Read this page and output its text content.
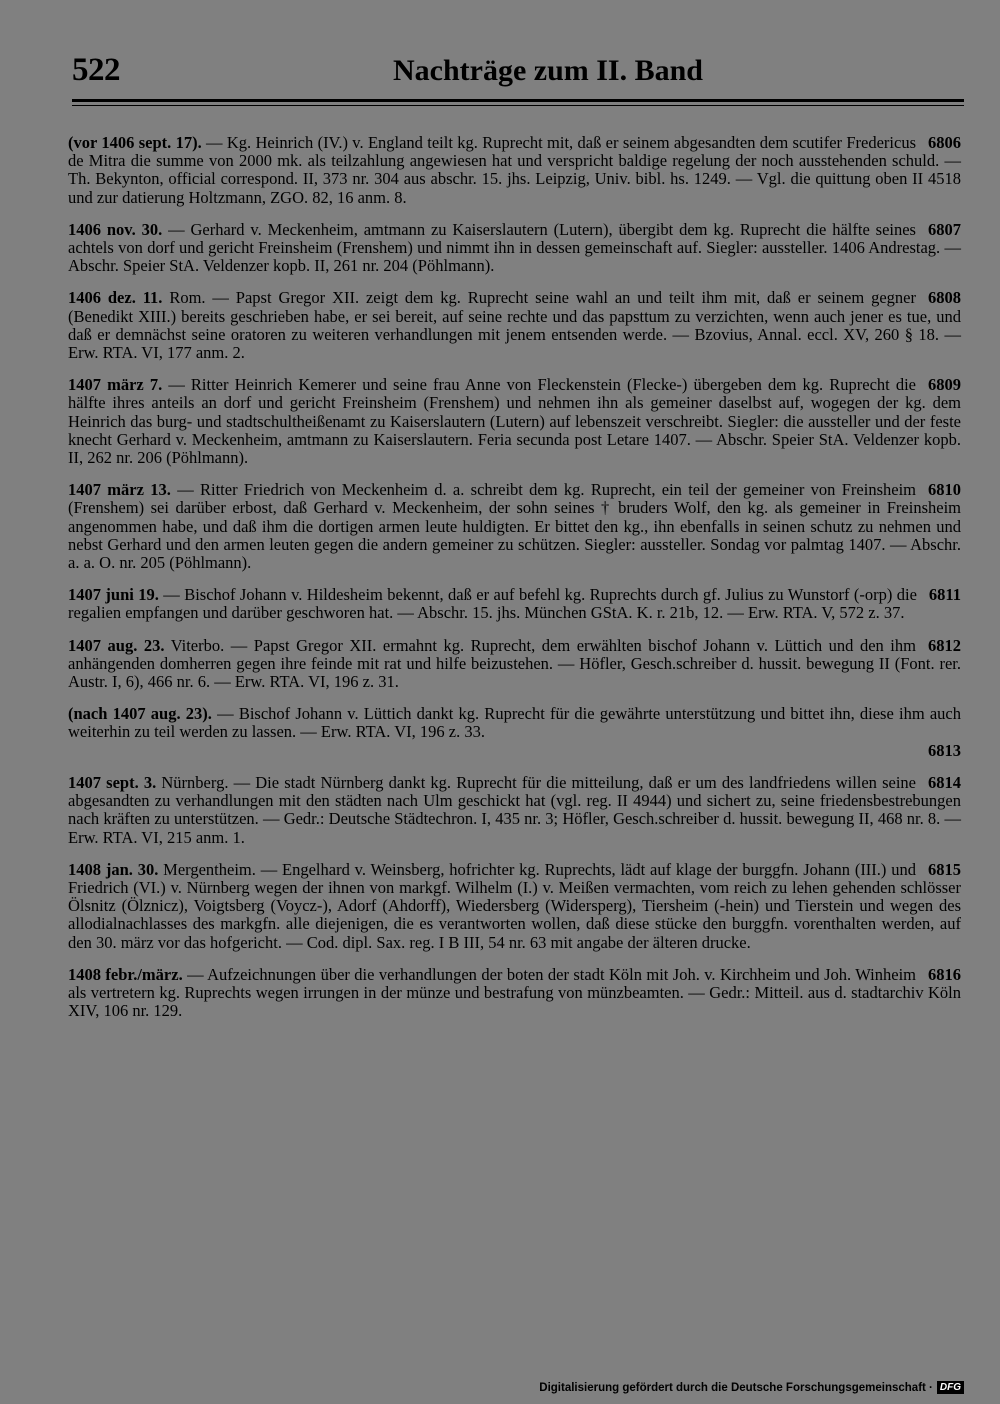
522	Nachträge zum II. Band

6806
(vor 1406 sept. 17). — Kg. Heinrich (IV.) v. England teilt kg. Ruprecht mit, daß er seinem abgesandten dem scutifer Fredericus de Mitra die summe von 2000 mk. als teilzahlung angewiesen hat und verspricht baldige regelung der noch ausstehenden schuld. — Th. Bekynton, official correspond. II, 373 nr. 304 aus abschr. 15. jhs. Leipzig, Univ. bibl. hs. 1249. — Vgl. die quittung oben II 4518 und zur datierung Holtzmann, ZGO. 82, 16 anm. 8.

6807
1406 nov. 30. — Gerhard v. Meckenheim, amtmann zu Kaiserslautern (Lutern), übergibt dem kg. Ruprecht die hälfte seines achtels von dorf und gericht Freinsheim (Frenshem) und nimmt ihn in dessen gemeinschaft auf. Siegler: aussteller. 1406 Andrestag. — Abschr. Speier StA. Veldenzer kopb. II, 261 nr. 204 (Pöhlmann).

6808
1406 dez. 11. Rom. — Papst Gregor XII. zeigt dem kg. Ruprecht seine wahl an und teilt ihm mit, daß er seinem gegner (Benedikt XIII.) bereits geschrieben habe, er sei bereit, auf seine rechte und das papsttum zu verzichten, wenn auch jener es tue, und daß er demnächst seine oratoren zu weiteren verhandlungen mit jenem entsenden werde. — Bzovius, Annal. eccl. XV, 260 § 18. — Erw. RTA. VI, 177 anm. 2.

6809
1407 märz 7. — Ritter Heinrich Kemerer und seine frau Anne von Fleckenstein (Flecke-) übergeben dem kg. Ruprecht die hälfte ihres anteils an dorf und gericht Freinsheim (Frenshem) und nehmen ihn als gemeiner daselbst auf, wogegen der kg. dem Heinrich das burg- und stadtschultheißenamt zu Kaiserslautern (Lutern) auf lebenszeit verschreibt. Siegler: die aussteller und der feste knecht Gerhard v. Meckenheim, amtmann zu Kaiserslautern. Feria secunda post Letare 1407. — Abschr. Speier StA. Veldenzer kopb. II, 262 nr. 206 (Pöhlmann).

6810
1407 märz 13. — Ritter Friedrich von Meckenheim d. a. schreibt dem kg. Ruprecht, ein teil der gemeiner von Freinsheim (Frenshem) sei darüber erbost, daß Gerhard v. Meckenheim, der sohn seines † bruders Wolf, den kg. als gemeiner in Freinsheim angenommen habe, und daß ihm die dortigen armen leute huldigten. Er bittet den kg., ihn ebenfalls in seinen schutz zu nehmen und nebst Gerhard und den armen leuten gegen die andern gemeiner zu schützen. Siegler: aussteller. Sondag vor palmtag 1407. — Abschr. a. a. O. nr. 205 (Pöhlmann).

6811
1407 juni 19. — Bischof Johann v. Hildesheim bekennt, daß er auf befehl kg. Ruprechts durch gf. Julius zu Wunstorf (-orp) die regalien empfangen und darüber geschworen hat. — Abschr. 15. jhs. München GStA. K. r. 21b, 12. — Erw. RTA. V, 572 z. 37.

6812
1407 aug. 23. Viterbo. — Papst Gregor XII. ermahnt kg. Ruprecht, dem erwählten bischof Johann v. Lüttich und den ihm anhängenden domherren gegen ihre feinde mit rat und hilfe beizustehen. — Höfler, Gesch.schreiber d. hussit. bewegung II (Font. rer. Austr. I, 6), 466 nr. 6. — Erw. RTA. VI, 196 z. 31.

(nach 1407 aug. 23). — Bischof Johann v. Lüttich dankt kg. Ruprecht für die gewährte unterstützung und bittet ihn, diese ihm auch weiterhin zu teil werden zu lassen. — Erw. RTA. VI, 196 z. 33.
6813

6814
1407 sept. 3. Nürnberg. — Die stadt Nürnberg dankt kg. Ruprecht für die mitteilung, daß er um des landfriedens willen seine abgesandten zu verhandlungen mit den städten nach Ulm geschickt hat (vgl. reg. II 4944) und sichert zu, seine friedensbestrebungen nach kräften zu unterstützen. — Gedr.: Deutsche Städtechron. I, 435 nr. 3; Höfler, Gesch.schreiber d. hussit. bewegung II, 468 nr. 8. — Erw. RTA. VI, 215 anm. 1.

6815
1408 jan. 30. Mergentheim. — Engelhard v. Weinsberg, hofrichter kg. Ruprechts, lädt auf klage der burggfn. Johann (III.) und Friedrich (VI.) v. Nürnberg wegen der ihnen von markgf. Wilhelm (I.) v. Meißen vermachten, vom reich zu lehen gehenden schlösser Ölsnitz (Ölznicz), Voigtsberg (Voycz-), Adorf (Ahdorff), Wiedersberg (Widersperg), Tiersheim (-hein) und Tierstein und wegen des allodialnachlasses des markgfn. alle diejenigen, die es verantworten wollen, daß diese stücke den burggfn. vorenthalten werden, auf den 30. märz vor das hofgericht. — Cod. dipl. Sax. reg. I B III, 54 nr. 63 mit angabe der älteren drucke.

6816
1408 febr./märz. — Aufzeichnungen über die verhandlungen der boten der stadt Köln mit Joh. v. Kirchheim und Joh. Winheim als vertretern kg. Ruprechts wegen irrungen in der münze und bestrafung von münzbeamten. — Gedr.: Mitteil. aus d. stadtarchiv Köln XIV, 106 nr. 129.

Digitalisierung gefördert durch die Deutsche Forschungsgemeinschaft · DFG
